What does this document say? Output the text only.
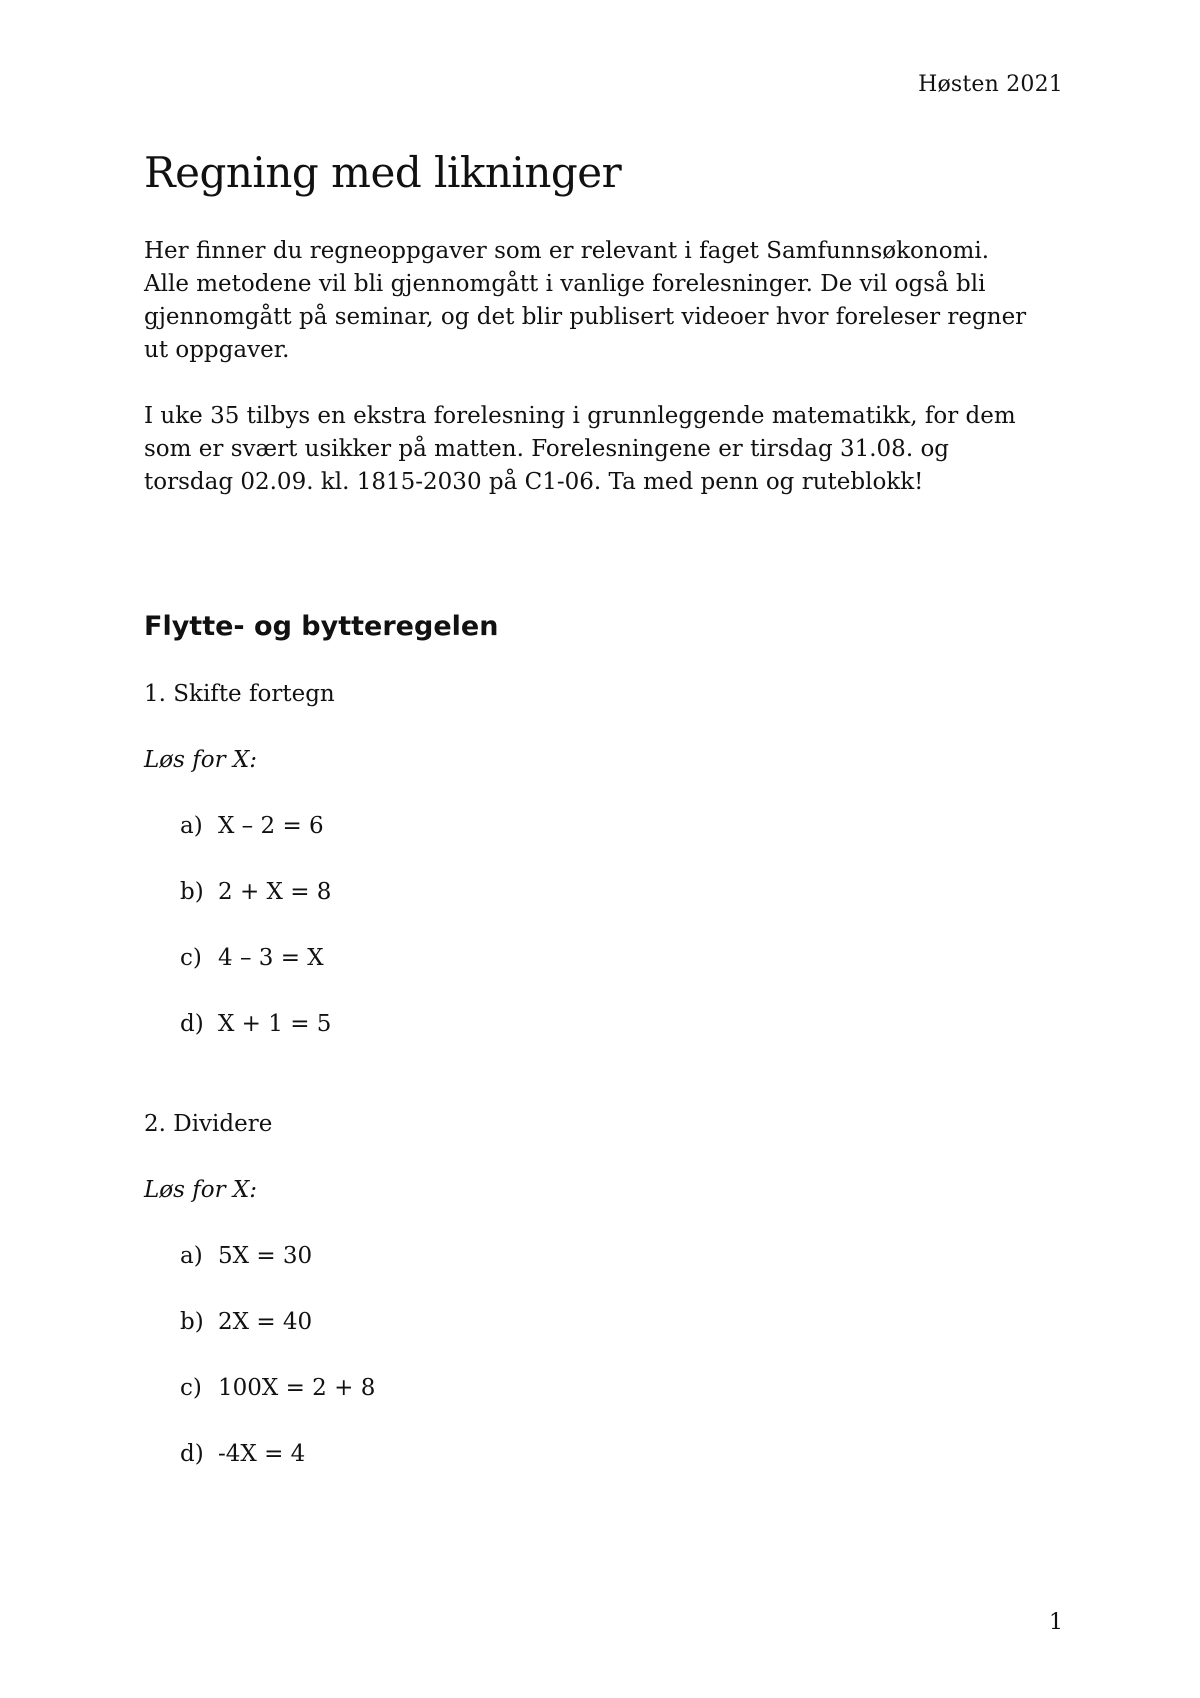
Høsten 2021
Regning med likninger

Her finner du regneoppgaver som er relevant i faget Samfunnsøkonomi.
Alle metodene vil bli gjennomgått i vanlige forelesninger. De vil også bli
gjennomgått på seminar, og det blir publisert videoer hvor foreleser regner
ut oppgaver.

I uke 35 tilbys en ekstra forelesning i grunnleggende matematikk, for dem
som er svært usikker på matten. Forelesningene er tirsdag 31.08. og
torsdag 02.09. kl. 1815-2030 på C1-06. Ta med penn og ruteblokk!

Flytte- og bytteregelen
1. Skifte fortegn
Løs for X:
a) X – 2 = 6
b) 2 + X = 8
c) 4 – 3 = X
d) X + 1 = 5
2. Dividere
Løs for X:
a) 5X = 30
b) 2X = 40
c) 100X = 2 + 8
d) -4X = 4
1
